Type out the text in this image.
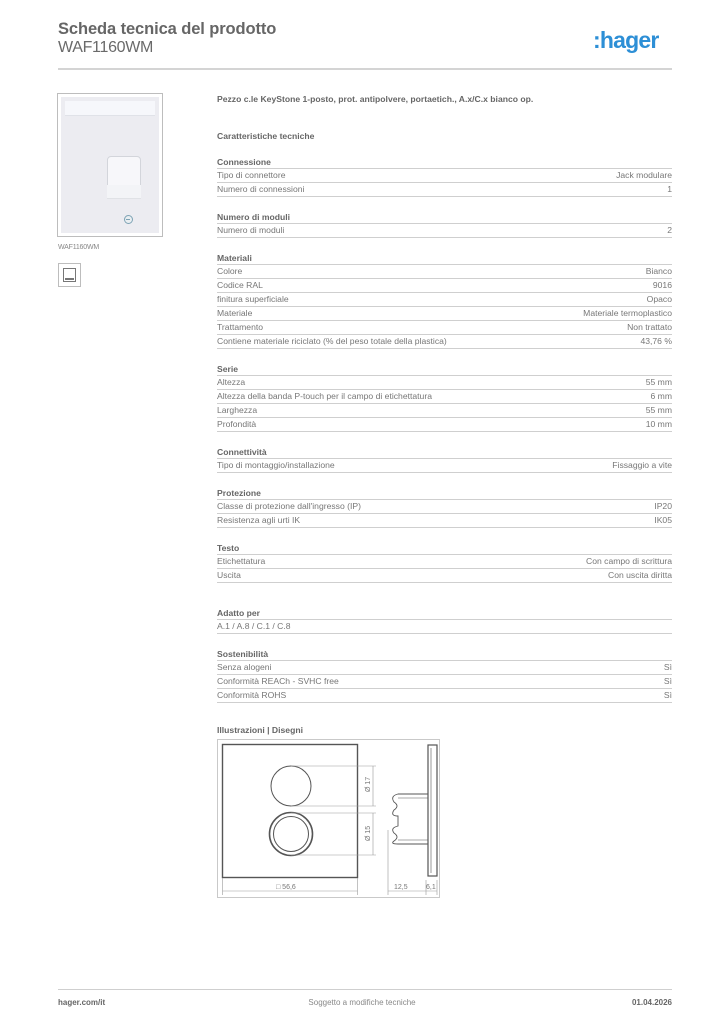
Scheda tecnica del prodotto
WAF1160WM	:hager
WAF1160WM
Pezzo c.le KeyStone 1-posto, prot. antipolvere, portaetich., A.x/C.x bianco op.
Caratteristiche tecniche
Connessione
Tipo di connettore	Jack modulare
Numero di connessioni	1
Numero di moduli
Numero di moduli	2
Materiali
Colore	Bianco
Codice RAL	9016
finitura superficiale	Opaco
Materiale	Materiale termoplastico
Trattamento	Non trattato
Contiene materiale riciclato (% del peso totale della plastica)	43,76 %
Serie
Altezza	55 mm
Altezza della banda P-touch per il campo di etichettatura	6 mm
Larghezza	55 mm
Profondità	10 mm
Connettività
Tipo di montaggio/installazione	Fissaggio a vite
Protezione
Classe di protezione dall'ingresso (IP)	IP20
Resistenza agli urti IK	IK05
Testo
Etichettatura	Con campo di scrittura
Uscita	Con uscita diritta
Adatto per
A.1 / A.8 / C.1 / C.8
Sostenibilità
Senza alogeni	Sì
Conformità REACh - SVHC free	Sì
Conformità ROHS	Sì
Illustrazioni | Disegni
□ 56,6	12,5	6,1
Ø 17
Ø 15
hager.com/it	Soggetto a modifiche tecniche	01.04.2026
